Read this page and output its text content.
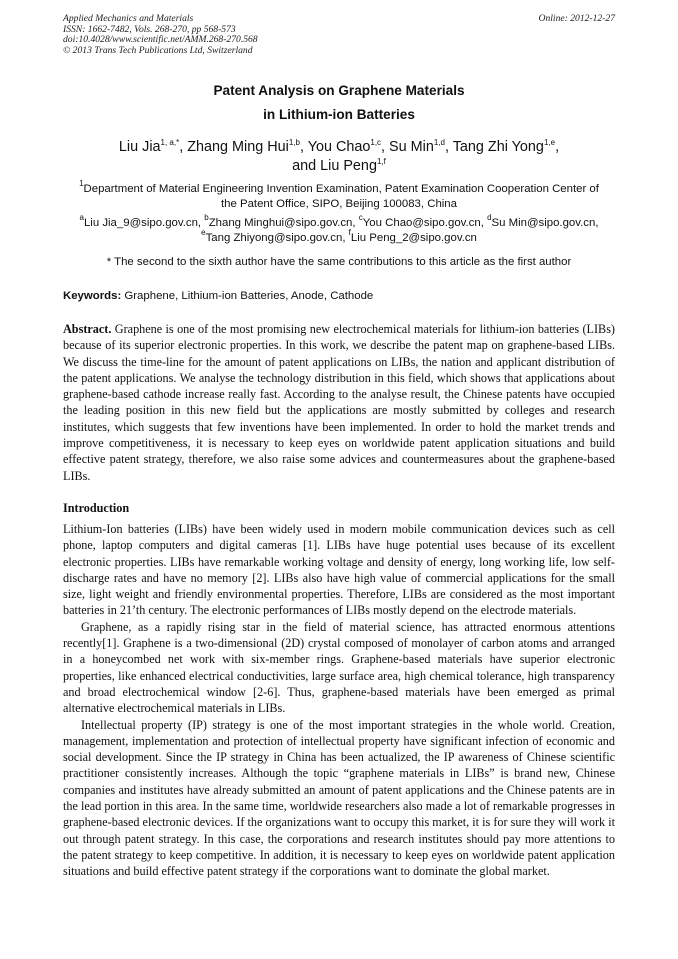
Applied Mechanics and Materials
ISSN: 1662-7482, Vols. 268-270, pp 568-573
doi:10.4028/www.scientific.net/AMM.268-270.568
© 2013 Trans Tech Publications Ltd, Switzerland
Online: 2012-12-27
Patent Analysis on Graphene Materials
in Lithium-ion Batteries
Liu Jia$^{1, a,*}$, Zhang Ming Hui$^{1,b}$, You Chao$^{1,c}$, Su Min$^{1,d}$, Tang Zhi Yong$^{1,e}$,
and Liu Peng$^{1,f}$
$^1$Department of Material Engineering Invention Examination, Patent Examination Cooperation Center of the Patent Office, SIPO, Beijing 100083, China
$^a$Liu Jia_9@sipo.gov.cn, $^b$Zhang Minghui@sipo.gov.cn, $^c$You Chao@sipo.gov.cn, $^d$Su Min@sipo.gov.cn, $^e$Tang Zhiyong@sipo.gov.cn, $^f$Liu Peng_2@sipo.gov.cn
* The second to the sixth author have the same contributions to this article as the first author
Keywords: Graphene, Lithium-ion Batteries, Anode, Cathode
Abstract. Graphene is one of the most promising new electrochemical materials for lithium-ion batteries (LIBs) because of its superior electronic properties. In this work, we describe the patent map on graphene-based LIBs. We discuss the time-line for the amount of patent applications on LIBs, the nation and applicant distribution of the patent applications. We analyse the technology distribution in this field, which shows that applications about graphene-based cathode increase really fast. According to the analyse result, the Chinese patents have occupied the leading position in this new field but the applications are mostly submitted by colleges and research institutes, which suggests that few inventions have been implemented. In order to hold the market trends and improve competitiveness, it is necessary to keep eyes on worldwide patent application situations and build effective patent strategy, therefore, we also raise some advices and countermeasures about the graphene-based LIBs.
Introduction

Lithium-Ion batteries (LIBs) have been widely used in modern mobile communication devices such as cell phone, laptop computers and digital cameras [1]. LIBs have huge potential uses because of its excellent electronic properties. LIBs have remarkable working voltage and density of energy, long working life, low self-discharge rates and have no memory [2]. LIBs also have high value of commercial applications for the small size, light weight and friendly environmental properties. Therefore, LIBs are considered as the most important batteries in 21’th century. The electronic performances of LIBs mostly depend on the electrode materials.

Graphene, as a rapidly rising star in the field of material science, has attracted enormous attentions recently[1]. Graphene is a two-dimensional (2D) crystal composed of monolayer of carbon atoms and arranged in a honeycombed net work with six-member rings. Graphene-based materials have superior electronic properties, like enhanced electrical conductivities, large surface area, high chemical tolerance, high transparency and broad electrochemical window [2-6]. Thus, graphene-based materials have been emerged as primal alternative electrochemical materials in LIBs.

Intellectual property (IP) strategy is one of the most important strategies in the whole world. Creation, management, implementation and protection of intellectual property have significant infection of economic and social development. Since the IP strategy in China has been actualized, the IP awareness of Chinese scientific practitioner consistently increases. Although the topic “graphene materials in LIBs” is brand new, Chinese companies and institutes have already submitted an amount of patent applications and the Chinese patents are in the lead portion in this area. In the same time, worldwide researchers also made a lot of remarkable progresses in graphene-based electronic devices. If the organizations want to occupy this market, it is for sure they will work it out through patent strategy. In this case, the corporations and research institutes should pay more attentions to the patent strategy to keep competitive. In addition, it is necessary to keep eyes on worldwide patent application situations and build effective patent strategy if the corporations want to dominate the global market.
